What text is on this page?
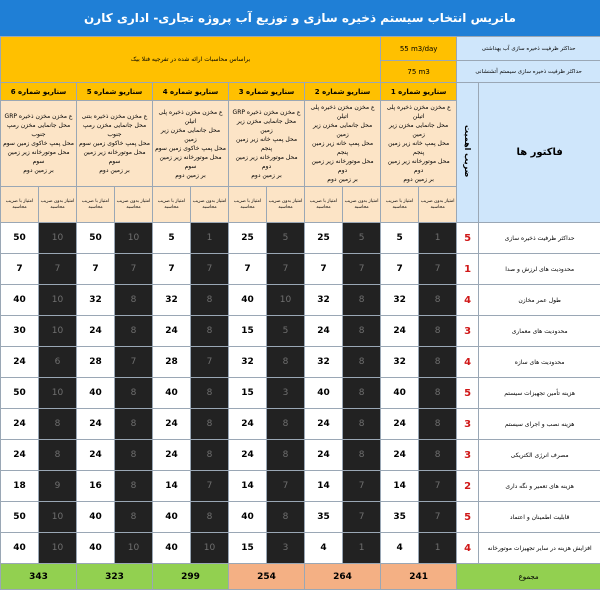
ماتریس انتخاب سیستم ذخیره سازی و توزیع آب پروژه تجاری- اداری کارن
براساس محاسبات ارائه شده در تفرجیه فنلا بیک										55 m3/day		حداکثر ظرفیت ذخیره سازی آب بهداشتی	
										75 m3		حداکثر ظرفیت ذخیره سازی سیستم آتشنشانی	
سناریو شماره 6		سناریو شماره 5		سناریو شماره 4		سناریو شماره 3		سناریو شماره 2		سناریو شماره 1		ضریب اهمیت	فاکتور ها
ع مخزن مخزن ذخیره GRP
محل جانمایی مخزن رمپ جنوب
محل پمپ خاکوی زمین سوم
محل موتورخانه زیر زمین سوم
بر زمین دوم		ع مخزن مخزن ذخیره بتنی
محل جانمایی مخزن رمپ جنوب
محل پمپ خاکوی زمین سوم
محل موتورخانه زیر زمین سوم
بر زمین دوم		ع مخزن مخزن ذخیره پلی اتیلن
محل جانمایی مخزن زیر زمین
محل پمپ خاکوی زمین سوم
محل موتورخانه زیر زمین سوم
بر زمین دوم		ع مخزن مخزن ذخیره GRP
محل جانمایی مخزن زیر زمین
محل پمپ خانه زیر زمین پنجم
محل موتورخانه زیر زمین دوم
بر زمین دوم		ع مخزن مخزن ذخیره پلی اتیلن
محل جانمایی مخزن زیر زمین
محل پمپ خانه زیر زمین پنجم
محل موتورخانه زیر زمین دوم
بر زمین دوم		ع مخزن مخزن ذخیره پلی اتیلن
محل جانمایی مخزن زیر زمین
محل پمپ خانه زیر زمین پنجم
محل موتورخانه زیر زمین دوم
بر زمین دوم			
امتیاز با ضریب محاسبه	امتیاز بدون ضریب محاسبه	امتیاز با ضریب محاسبه	امتیاز بدون ضریب محاسبه	امتیاز با ضریب محاسبه	امتیاز بدون ضریب محاسبه	امتیاز با ضریب محاسبه	امتیاز بدون ضریب محاسبه	امتیاز با ضریب محاسبه	امتیاز بدون ضریب محاسبه	امتیاز با ضریب محاسبه	امتیاز بدون ضریب محاسبه		
50	10	50	10	5	1	25	5	25	5	5	1	5	حداکثر ظرفیت ذخیره سازی
7	7	7	7	7	7	7	7	7	7	7	7	1	محدودیت های لرزش و صدا
40	10	32	8	32	8	40	10	32	8	32	8	4	طول عمر مخازن
30	10	24	8	24	8	15	5	24	8	24	8	3	محدودیت های معماری
24	6	28	7	28	7	32	8	32	8	32	8	4	محدودیت های سازه
50	10	40	8	40	8	15	3	40	8	40	8	5	هزینه تأمین تجهیزات سیستم
24	8	24	8	24	8	24	8	24	8	24	8	3	هزینه نصب و اجرای سیستم
24	8	24	8	24	8	24	8	24	8	24	8	3	مصرف انرژی الکتریکی
18	9	16	8	14	7	14	7	14	7	14	7	2	هزینه های تعمیر و نگه داری
50	10	40	8	40	8	40	8	35	7	35	7	5	قابلیت اطمینان و اعتماد
40	10	40	10	40	10	15	3	4	1	4	1	4	افزایش هزینه در سایر تجهیزات موتورخانه
343		323		299		254		264		241		مجموع	
